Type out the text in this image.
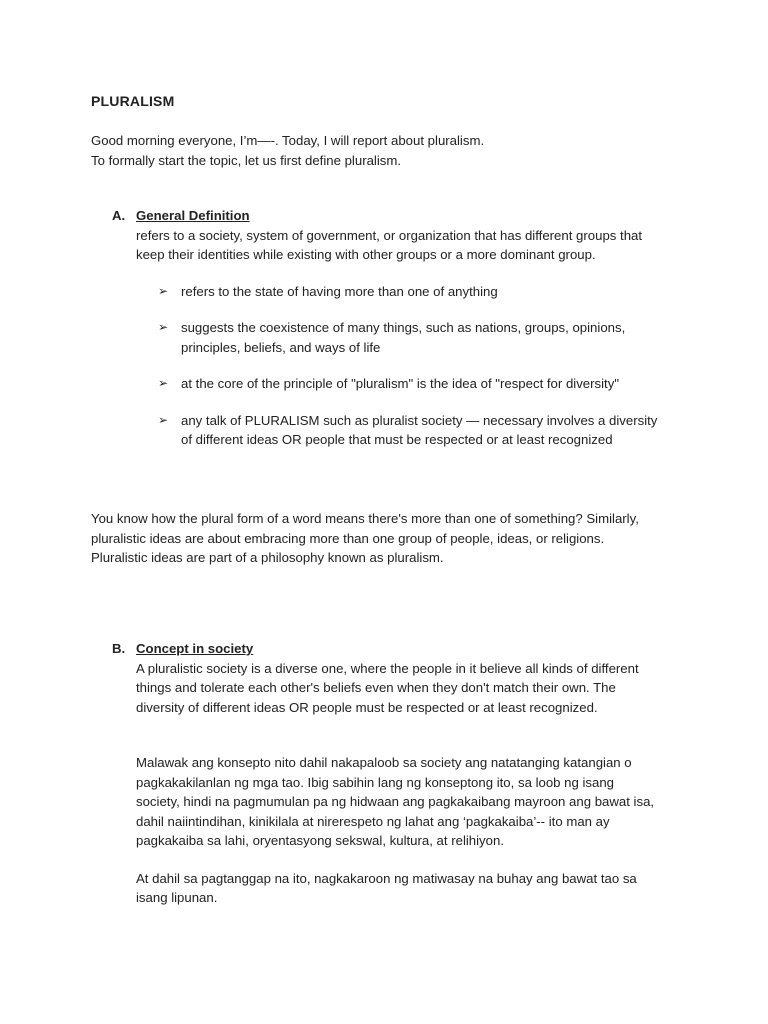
PLURALISM

Good morning everyone, I’m—-. Today, I will report about pluralism.

To formally start the topic, let us first define pluralism.

A. General Definition

refers to a society, system of government, or organization that has different groups that

keep their identities while existing with other groups or a more dominant group.

➢ refers to the state of having more than one of anything
➢ suggests the coexistence of many things, such as nations, groups, opinions, principles, beliefs, and ways of life
➢ at the core of the principle of "pluralism" is the idea of "respect for diversity"
➢ any talk of PLURALISM such as pluralist society — necessary involves a diversity of different ideas OR people that must be respected or at least recognized

You know how the plural form of a word means there's more than one of something? Similarly,

pluralistic ideas are about embracing more than one group of people, ideas, or religions.

Pluralistic ideas are part of a philosophy known as pluralism.

B. Concept in society

A pluralistic society is a diverse one, where the people in it believe all kinds of different

things and tolerate each other's beliefs even when they don't match their own. The

diversity of different ideas OR people must be respected or at least recognized.

Malawak ang konsepto nito dahil nakapaloob sa society ang natatanging katangian o
pagkakakilanlan ng mga tao. Ibig sabihin lang ng konseptong ito, sa loob ng isang
society, hindi na pagmumulan pa ng hidwaan ang pagkakaibang mayroon ang bawat isa,
dahil naiintindihan, kinikilala at nirerespeto ng lahat ang ‘pagkakaiba’-- ito man ay
pagkakaiba sa lahi, oryentasyong sekswal, kultura, at relihiyon.

At dahil sa pagtanggap na ito, nagkakaroon ng matiwasay na buhay ang bawat tao sa
isang lipunan.
